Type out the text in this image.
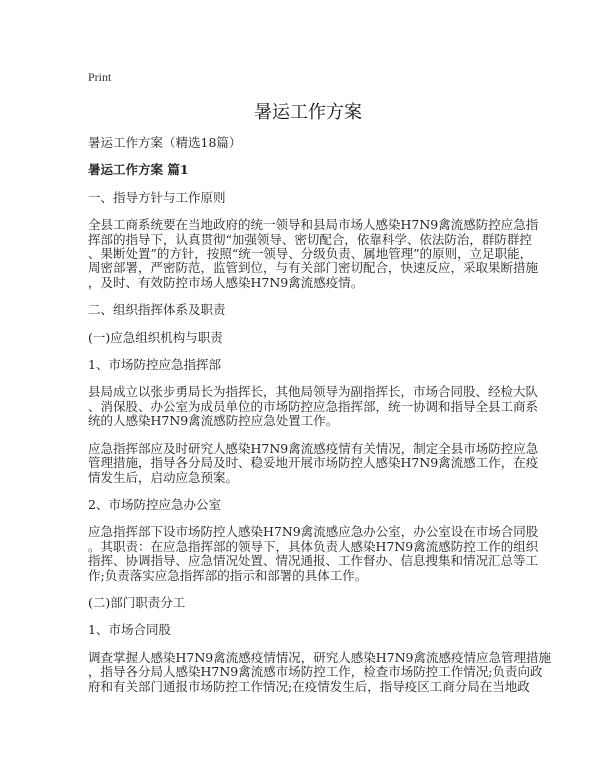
Print
暑运工作方案
暑运工作方案（精选18篇）
暑运工作方案 篇1
一、指导方针与工作原则
全县工商系统要在当地政府的统一领导和县局市场人感染H7N9禽流感防控应急指
挥部的指导下，认真贯彻“加强领导、密切配合，依靠科学、依法防治，群防群控
、果断处置”的方针，按照“统一领导、分级负责、属地管理”的原则，立足职能，
周密部署，严密防范，监管到位，与有关部门密切配合，快速反应，采取果断措施
，及时、有效防控市场人感染H7N9禽流感疫情。
二、组织指挥体系及职责
(一)应急组织机构与职责
1、市场防控应急指挥部
县局成立以张步勇局长为指挥长，其他局领导为副指挥长，市场合同股、经检大队
、消保股、办公室为成员单位的市场防控应急指挥部，统一协调和指导全县工商系
统的人感染H7N9禽流感防控应急处置工作。
应急指挥部应及时研究人感染H7N9禽流感疫情有关情况，制定全县市场防控应急
管理措施，指导各分局及时、稳妥地开展市场防控人感染H7N9禽流感工作，在疫
情发生后，启动应急预案。
2、市场防控应急办公室
应急指挥部下设市场防控人感染H7N9禽流感应急办公室，办公室设在市场合同股
。其职责：在应急指挥部的领导下，具体负责人感染H7N9禽流感防控工作的组织
指挥、协调指导、应急情况处置、情况通报、工作督办、信息搜集和情况汇总等工
作;负责落实应急指挥部的指示和部署的具体工作。
(二)部门职责分工
1、市场合同股
调查掌握人感染H7N9禽流感疫情情况，研究人感染H7N9禽流感疫情应急管理措施
，指导各分局人感染H7N9禽流感市场防控工作，检查市场防控工作情况;负责向政
府和有关部门通报市场防控工作情况;在疫情发生后，指导疫区工商分局在当地政
